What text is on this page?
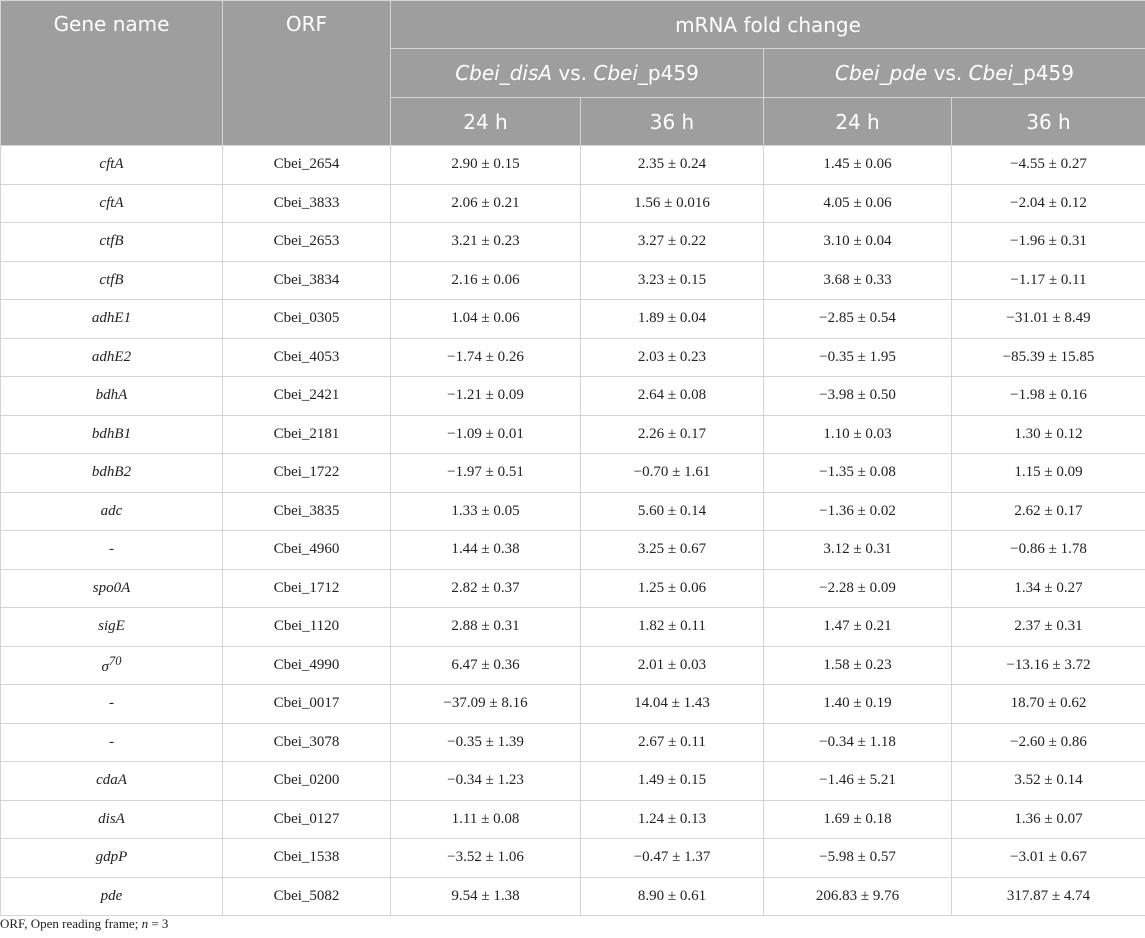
Gene name	ORF	mRNA fold change			
		Cbei_disA vs. Cbei_p459		Cbei_pde vs. Cbei_p459	
		24 h	36 h	24 h	36 h
cftA	Cbei_2654	2.90 ± 0.15	2.35 ± 0.24	1.45 ± 0.06	−4.55 ± 0.27
cftA	Cbei_3833	2.06 ± 0.21	1.56 ± 0.016	4.05 ± 0.06	−2.04 ± 0.12
ctfB	Cbei_2653	3.21 ± 0.23	3.27 ± 0.22	3.10 ± 0.04	−1.96 ± 0.31
ctfB	Cbei_3834	2.16 ± 0.06	3.23 ± 0.15	3.68 ± 0.33	−1.17 ± 0.11
adhE1	Cbei_0305	1.04 ± 0.06	1.89 ± 0.04	−2.85 ± 0.54	−31.01 ± 8.49
adhE2	Cbei_4053	−1.74 ± 0.26	2.03 ± 0.23	−0.35 ± 1.95	−85.39 ± 15.85
bdhA	Cbei_2421	−1.21 ± 0.09	2.64 ± 0.08	−3.98 ± 0.50	−1.98 ± 0.16
bdhB1	Cbei_2181	−1.09 ± 0.01	2.26 ± 0.17	1.10 ± 0.03	1.30 ± 0.12
bdhB2	Cbei_1722	−1.97 ± 0.51	−0.70 ± 1.61	−1.35 ± 0.08	1.15 ± 0.09
adc	Cbei_3835	1.33 ± 0.05	5.60 ± 0.14	−1.36 ± 0.02	2.62 ± 0.17
-	Cbei_4960	1.44 ± 0.38	3.25 ± 0.67	3.12 ± 0.31	−0.86 ± 1.78
spo0A	Cbei_1712	2.82 ± 0.37	1.25 ± 0.06	−2.28 ± 0.09	1.34 ± 0.27
sigE	Cbei_1120	2.88 ± 0.31	1.82 ± 0.11	1.47 ± 0.21	2.37 ± 0.31
$\sigma^{70}$	Cbei_4990	6.47 ± 0.36	2.01 ± 0.03	1.58 ± 0.23	−13.16 ± 3.72
-	Cbei_0017	−37.09 ± 8.16	14.04 ± 1.43	1.40 ± 0.19	18.70 ± 0.62
-	Cbei_3078	−0.35 ± 1.39	2.67 ± 0.11	−0.34 ± 1.18	−2.60 ± 0.86
cdaA	Cbei_0200	−0.34 ± 1.23	1.49 ± 0.15	−1.46 ± 5.21	3.52 ± 0.14
disA	Cbei_0127	1.11 ± 0.08	1.24 ± 0.13	1.69 ± 0.18	1.36 ± 0.07
gdpP	Cbei_1538	−3.52 ± 1.06	−0.47 ± 1.37	−5.98 ± 0.57	−3.01 ± 0.67
pde	Cbei_5082	9.54 ± 1.38	8.90 ± 0.61	206.83 ± 9.76	317.87 ± 4.74
ORF, Open reading frame; n = 3
